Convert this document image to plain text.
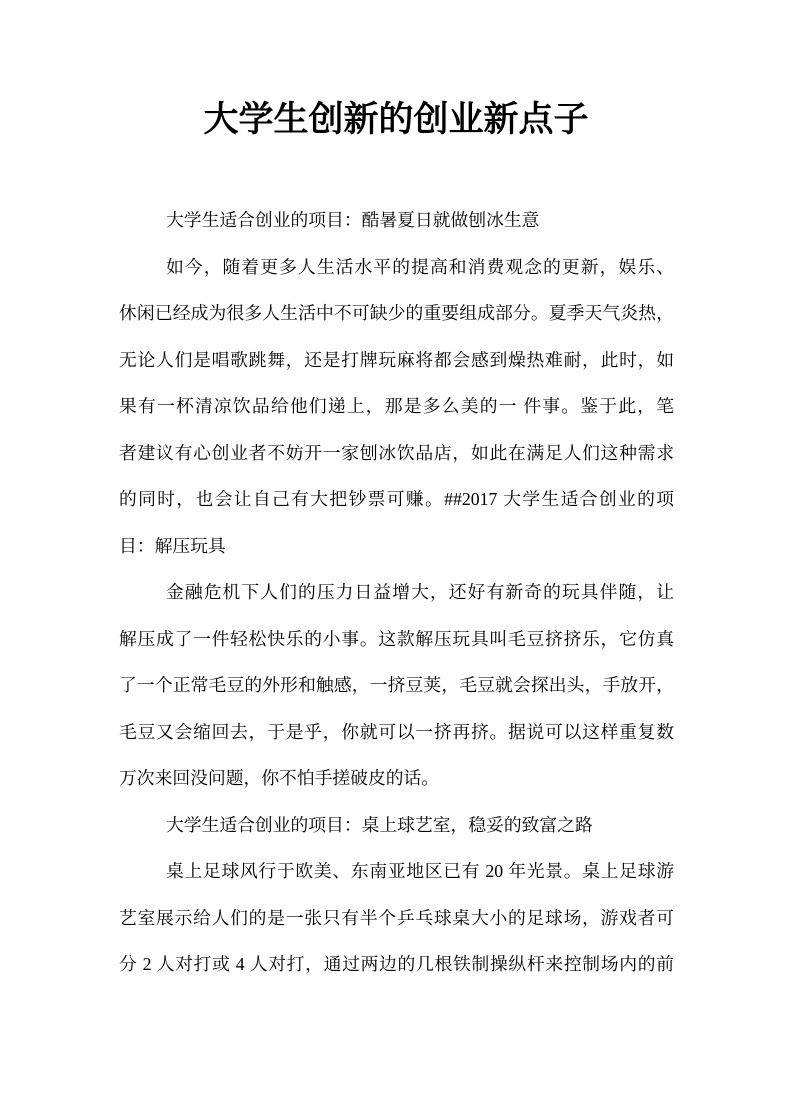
大学生创新的创业新点子
大学生适合创业的项目：酷暑夏日就做刨冰生意
如今，随着更多人生活水平的提高和消费观念的更新，娱乐、
休闲已经成为很多人生活中不可缺少的重要组成部分。夏季天气炎热，
无论人们是唱歌跳舞，还是打牌玩麻将都会感到燥热难耐，此时，如
果有一杯清凉饮品给他们递上，那是多么美的一 件事。鉴于此，笔
者建议有心创业者不妨开一家刨冰饮品店，如此在满足人们这种需求
的同时，也会让自己有大把钞票可赚。##2017 大学生适合创业的项
目：解压玩具
金融危机下人们的压力日益增大，还好有新奇的玩具伴随，让
解压成了一件轻松快乐的小事。这款解压玩具叫毛豆挤挤乐，它仿真
了一个正常毛豆的外形和触感，一挤豆荚，毛豆就会探出头，手放开，
毛豆又会缩回去，于是乎，你就可以一挤再挤。据说可以这样重复数
万次来回没问题，你不怕手搓破皮的话。
大学生适合创业的项目：桌上球艺室，稳妥的致富之路
桌上足球风行于欧美、东南亚地区已有 20 年光景。桌上足球游
艺室展示给人们的是一张只有半个乒乓球桌大小的足球场，游戏者可
分 2 人对打或 4 人对打，通过两边的几根铁制操纵杆来控制场内的前
